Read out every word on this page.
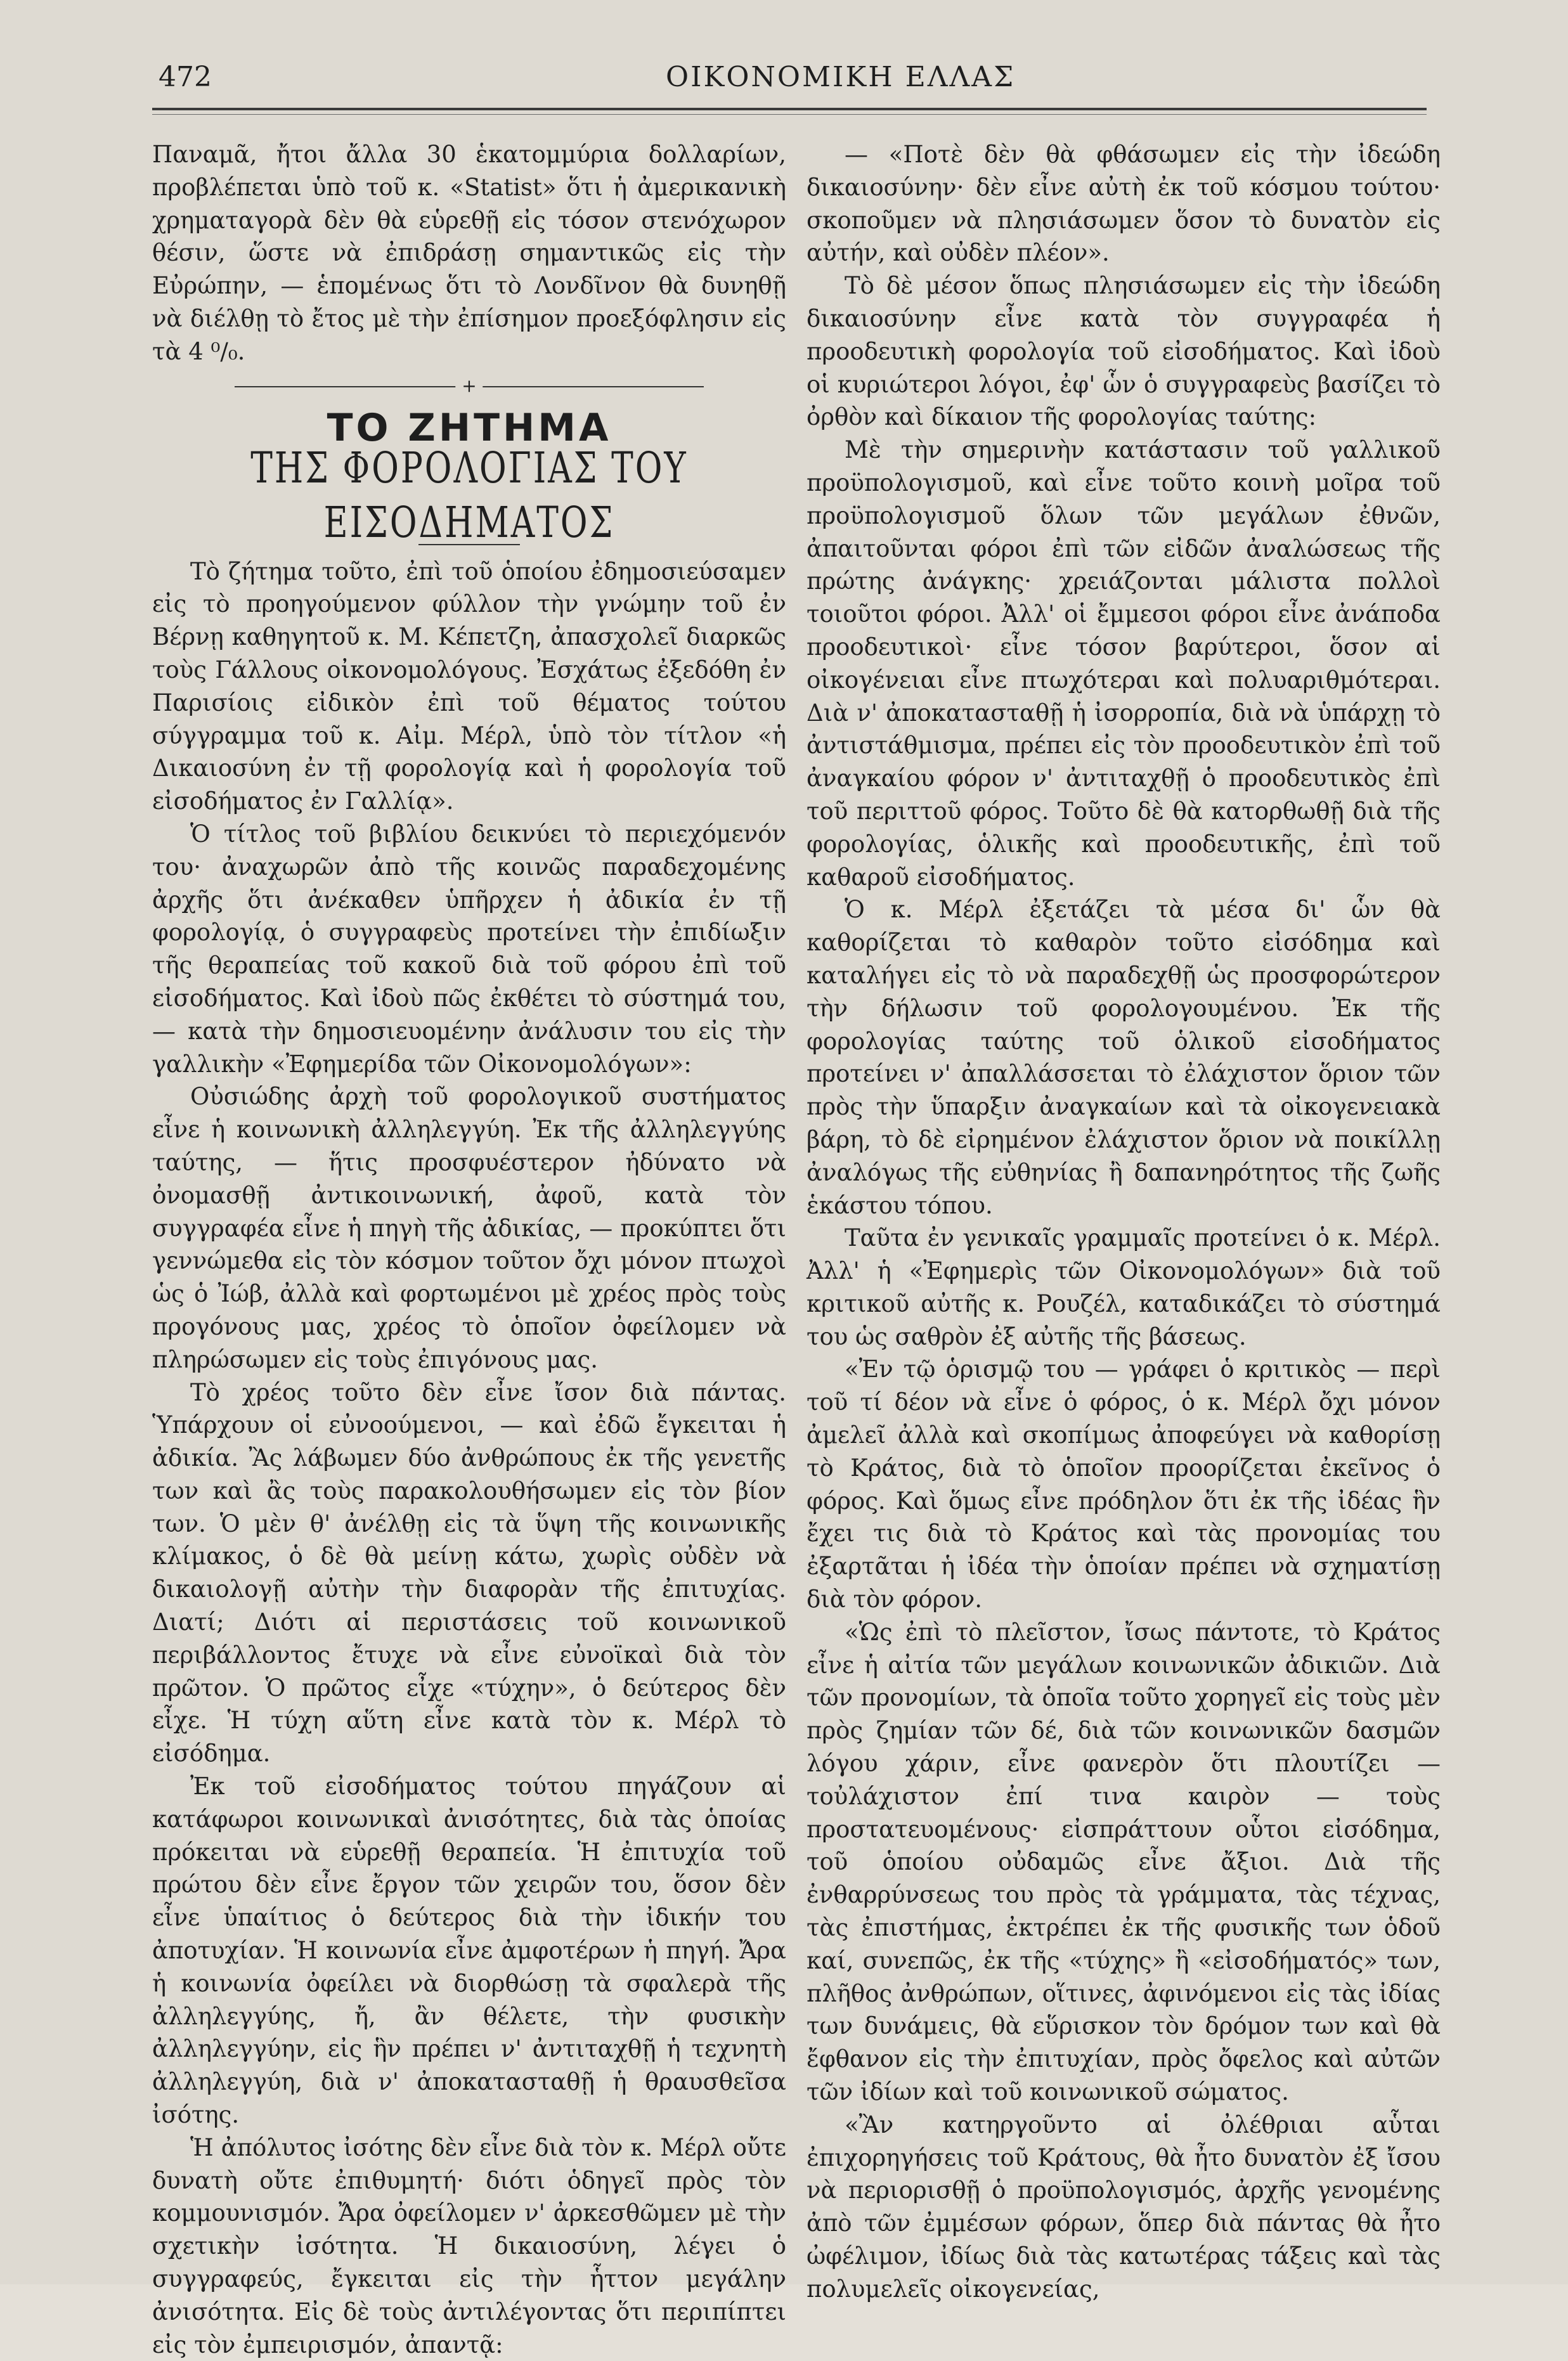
472	ΟΙΚΟΝΟΜΙΚΗ ΕΛΛΑΣ

Παναμᾶ, ἤτοι ἄλλα 30 ἑκατομμύρια δολλαρίων, προβλέπεται ὑπὸ τοῦ κ. «Statist» ὅτι ἡ ἀμερικανικὴ χρηματαγορὰ δὲν θὰ εὑρεθῇ εἰς τόσον στενόχωρον θέσιν, ὥστε νὰ ἐπιδράσῃ σημαντικῶς εἰς τὴν Εὐρώπην, — ἑπομένως ὅτι τὸ Λονδῖνον θὰ δυνηθῇ νὰ διέλθῃ τὸ ἔτος μὲ τὴν ἐπίσημον προεξόφλησιν εἰς τὰ 4 ⁰/₀.

+
ΤΟ ΖΗΤΗΜΑ
ΤΗΣ ΦΟΡΟΛΟΓΙΑΣ ΤΟΥ ΕΙΣΟΔΗΜΑΤΟΣ

Τὸ ζήτημα τοῦτο, ἐπὶ τοῦ ὁποίου ἐδημοσιεύσαμεν εἰς τὸ προηγούμενον φύλλον τὴν γνώμην τοῦ ἐν Βέρνῃ καθηγητοῦ κ. Μ. Κέπετζη, ἀπασχολεῖ διαρκῶς τοὺς Γάλλους οἰκονομολόγους. Ἐσχάτως ἐξεδόθη ἐν Παρισίοις εἰδικὸν ἐπὶ τοῦ θέματος τούτου σύγγραμμα τοῦ κ. Αἰμ. Μέρλ, ὑπὸ τὸν τίτλον «ἡ Δικαιοσύνη ἐν τῇ φορολογίᾳ καὶ ἡ φορολογία τοῦ εἰσοδήματος ἐν Γαλλίᾳ».

Ὁ τίτλος τοῦ βιβλίου δεικνύει τὸ περιεχόμενόν του· ἀναχωρῶν ἀπὸ τῆς κοινῶς παραδεχομένης ἀρχῆς ὅτι ἀνέκαθεν ὑπῆρχεν ἡ ἀδικία ἐν τῇ φορολογίᾳ, ὁ συγγραφεὺς προτείνει τὴν ἐπιδίωξιν τῆς θεραπείας τοῦ κακοῦ διὰ τοῦ φόρου ἐπὶ τοῦ εἰσοδήματος. Καὶ ἰδοὺ πῶς ἐκθέτει τὸ σύστημά του, — κατὰ τὴν δημοσιευομένην ἀνάλυσιν του εἰς τὴν γαλλικὴν «Ἐφημερίδα τῶν Οἰκονομολόγων»:

Οὐσιώδης ἀρχὴ τοῦ φορολογικοῦ συστήματος εἶνε ἡ κοινωνικὴ ἀλληλεγγύη. Ἐκ τῆς ἀλληλεγγύης ταύτης, — ἥτις προσφυέστερον ἠδύνατο νὰ ὀνομασθῇ ἀντικοινωνική, ἀφοῦ, κατὰ τὸν συγγραφέα εἶνε ἡ πηγὴ τῆς ἀδικίας, — προκύπτει ὅτι γεννώμεθα εἰς τὸν κόσμον τοῦτον ὄχι μόνον πτωχοὶ ὡς ὁ Ἰώβ, ἀλλὰ καὶ φορτωμένοι μὲ χρέος πρὸς τοὺς προγόνους μας, χρέος τὸ ὁποῖον ὀφείλομεν νὰ πληρώσωμεν εἰς τοὺς ἐπιγόνους μας.

Τὸ χρέος τοῦτο δὲν εἶνε ἴσον διὰ πάντας. Ὑπάρχουν οἱ εὐνοούμενοι, — καὶ ἐδῶ ἔγκειται ἡ ἀδικία. Ἂς λάβωμεν δύο ἀνθρώπους ἐκ τῆς γενετῆς των καὶ ἂς τοὺς παρακολουθήσωμεν εἰς τὸν βίον των. Ὁ μὲν θ' ἀνέλθῃ εἰς τὰ ὕψη τῆς κοινωνικῆς κλίμακος, ὁ δὲ θὰ μείνῃ κάτω, χωρὶς οὐδὲν νὰ δικαιολογῇ αὐτὴν τὴν διαφορὰν τῆς ἐπιτυχίας. Διατί; Διότι αἱ περιστάσεις τοῦ κοινωνικοῦ περιβάλλοντος ἔτυχε νὰ εἶνε εὐνοϊκαὶ διὰ τὸν πρῶτον. Ὁ πρῶτος εἶχε «τύχην», ὁ δεύτερος δὲν εἶχε. Ἡ τύχη αὕτη εἶνε κατὰ τὸν κ. Μέρλ τὸ εἰσόδημα.

Ἐκ τοῦ εἰσοδήματος τούτου πηγάζουν αἱ κατάφωροι κοινωνικαὶ ἀνισότητες, διὰ τὰς ὁποίας πρόκειται νὰ εὑρεθῇ θεραπεία. Ἡ ἐπιτυχία τοῦ πρώτου δὲν εἶνε ἔργον τῶν χειρῶν του, ὅσον δὲν εἶνε ὑπαίτιος ὁ δεύτερος διὰ τὴν ἰδικήν του ἀποτυχίαν. Ἡ κοινωνία εἶνε ἀμφοτέρων ἡ πηγή. Ἄρα ἡ κοινωνία ὀφείλει νὰ διορθώσῃ τὰ σφαλερὰ τῆς ἀλληλεγγύης, ἤ, ἂν θέλετε, τὴν φυσικὴν ἀλληλεγγύην, εἰς ἣν πρέπει ν' ἀντιταχθῇ ἡ τεχνητὴ ἀλληλεγγύη, διὰ ν' ἀποκατασταθῇ ἡ θραυσθεῖσα ἰσότης.

Ἡ ἀπόλυτος ἰσότης δὲν εἶνε διὰ τὸν κ. Μέρλ οὔτε δυνατὴ οὔτε ἐπιθυμητή· διότι ὁδηγεῖ πρὸς τὸν κομμουνισμόν. Ἄρα ὀφείλομεν ν' ἀρκεσθῶμεν μὲ τὴν σχετικὴν ἰσότητα. Ἡ δικαιοσύνη, λέγει ὁ συγγραφεύς, ἔγκειται εἰς τὴν ἧττον μεγάλην ἀνισότητα. Εἰς δὲ τοὺς ἀντιλέγοντας ὅτι περιπίπτει εἰς τὸν ἐμπειρισμόν, ἀπαντᾷ:

— «Ποτὲ δὲν θὰ φθάσωμεν εἰς τὴν ἰδεώδη δικαιοσύνην· δὲν εἶνε αὐτὴ ἐκ τοῦ κόσμου τούτου· σκοποῦμεν νὰ πλησιάσωμεν ὅσον τὸ δυνατὸν εἰς αὐτήν, καὶ οὐδὲν πλέον».

Τὸ δὲ μέσον ὅπως πλησιάσωμεν εἰς τὴν ἰδεώδη δικαιοσύνην εἶνε κατὰ τὸν συγγραφέα ἡ προοδευτικὴ φορολογία τοῦ εἰσοδήματος. Καὶ ἰδοὺ οἱ κυριώτεροι λόγοι, ἐφ' ὧν ὁ συγγραφεὺς βασίζει τὸ ὀρθὸν καὶ δίκαιον τῆς φορολογίας ταύτης:

Μὲ τὴν σημερινὴν κατάστασιν τοῦ γαλλικοῦ προϋπολογισμοῦ, καὶ εἶνε τοῦτο κοινὴ μοῖρα τοῦ προϋπολογισμοῦ ὅλων τῶν μεγάλων ἐθνῶν, ἀπαιτοῦνται φόροι ἐπὶ τῶν εἰδῶν ἀναλώσεως τῆς πρώτης ἀνάγκης· χρειάζονται μάλιστα πολλοὶ τοιοῦτοι φόροι. Ἀλλ' οἱ ἔμμεσοι φόροι εἶνε ἀνάποδα προοδευτικοὶ· εἶνε τόσον βαρύτεροι, ὅσον αἱ οἰκογένειαι εἶνε πτωχότεραι καὶ πολυαριθμότεραι. Διὰ ν' ἀποκατασταθῇ ἡ ἰσορροπία, διὰ νὰ ὑπάρχῃ τὸ ἀντιστάθμισμα, πρέπει εἰς τὸν προοδευτικὸν ἐπὶ τοῦ ἀναγκαίου φόρον ν' ἀντιταχθῇ ὁ προοδευτικὸς ἐπὶ τοῦ περιττοῦ φόρος. Τοῦτο δὲ θὰ κατορθωθῇ διὰ τῆς φορολογίας, ὁλικῆς καὶ προοδευτικῆς, ἐπὶ τοῦ καθαροῦ εἰσοδήματος.

Ὁ κ. Μέρλ ἐξετάζει τὰ μέσα δι' ὧν θὰ καθορίζεται τὸ καθαρὸν τοῦτο εἰσόδημα καὶ καταλήγει εἰς τὸ νὰ παραδεχθῇ ὡς προσφορώτερον τὴν δήλωσιν τοῦ φορολογουμένου. Ἐκ τῆς φορολογίας ταύτης τοῦ ὁλικοῦ εἰσοδήματος προτείνει ν' ἀπαλλάσσεται τὸ ἐλάχιστον ὅριον τῶν πρὸς τὴν ὕπαρξιν ἀναγκαίων καὶ τὰ οἰκογενειακὰ βάρη, τὸ δὲ εἰρημένον ἐλάχιστον ὅριον νὰ ποικίλλῃ ἀναλόγως τῆς εὐθηνίας ἢ δαπανηρότητος τῆς ζωῆς ἑκάστου τόπου.

Ταῦτα ἐν γενικαῖς γραμμαῖς προτείνει ὁ κ. Μέρλ. Ἀλλ' ἡ «Ἐφημερὶς τῶν Οἰκονομολόγων» διὰ τοῦ κριτικοῦ αὐτῆς κ. Ρουζέλ, καταδικάζει τὸ σύστημά του ὡς σαθρὸν ἐξ αὐτῆς τῆς βάσεως.

«Ἐν τῷ ὁρισμῷ του — γράφει ὁ κριτικὸς — περὶ τοῦ τί δέον νὰ εἶνε ὁ φόρος, ὁ κ. Μέρλ ὄχι μόνον ἀμελεῖ ἀλλὰ καὶ σκοπίμως ἀποφεύγει νὰ καθορίσῃ τὸ Κράτος, διὰ τὸ ὁποῖον προορίζεται ἐκεῖνος ὁ φόρος. Καὶ ὅμως εἶνε πρόδηλον ὅτι ἐκ τῆς ἰδέας ἣν ἔχει τις διὰ τὸ Κράτος καὶ τὰς προνομίας του ἐξαρτᾶται ἡ ἰδέα τὴν ὁποίαν πρέπει νὰ σχηματίσῃ διὰ τὸν φόρον.

«Ὡς ἐπὶ τὸ πλεῖστον, ἴσως πάντοτε, τὸ Κράτος εἶνε ἡ αἰτία τῶν μεγάλων κοινωνικῶν ἀδικιῶν. Διὰ τῶν προνομίων, τὰ ὁποῖα τοῦτο χορηγεῖ εἰς τοὺς μὲν πρὸς ζημίαν τῶν δέ, διὰ τῶν κοινωνικῶν δασμῶν λόγου χάριν, εἶνε φανερὸν ὅτι πλουτίζει — τοὐλάχιστον ἐπί τινα καιρὸν — τοὺς προστατευομένους· εἰσπράττουν οὗτοι εἰσόδημα, τοῦ ὁποίου οὐδαμῶς εἶνε ἄξιοι. Διὰ τῆς ἐνθαρρύνσεως του πρὸς τὰ γράμματα, τὰς τέχνας, τὰς ἐπιστήμας, ἐκτρέπει ἐκ τῆς φυσικῆς των ὁδοῦ καί, συνεπῶς, ἐκ τῆς «τύχης» ἢ «εἰσοδήματός» των, πλῆθος ἀνθρώπων, οἵτινες, ἀφινόμενοι εἰς τὰς ἰδίας των δυνάμεις, θὰ εὕρισκον τὸν δρόμον των καὶ θὰ ἔφθανον εἰς τὴν ἐπιτυχίαν, πρὸς ὄφελος καὶ αὐτῶν τῶν ἰδίων καὶ τοῦ κοινωνικοῦ σώματος.

«Ἂν κατηργοῦντο αἱ ὀλέθριαι αὗται ἐπιχορηγήσεις τοῦ Κράτους, θὰ ἦτο δυνατὸν ἐξ ἴσου νὰ περιορισθῇ ὁ προϋπολογισμός, ἀρχῆς γενομένης ἀπὸ τῶν ἐμμέσων φόρων, ὅπερ διὰ πάντας θὰ ἦτο ὠφέλιμον, ἰδίως διὰ τὰς κατωτέρας τάξεις καὶ τὰς πολυμελεῖς οἰκογενείας,
